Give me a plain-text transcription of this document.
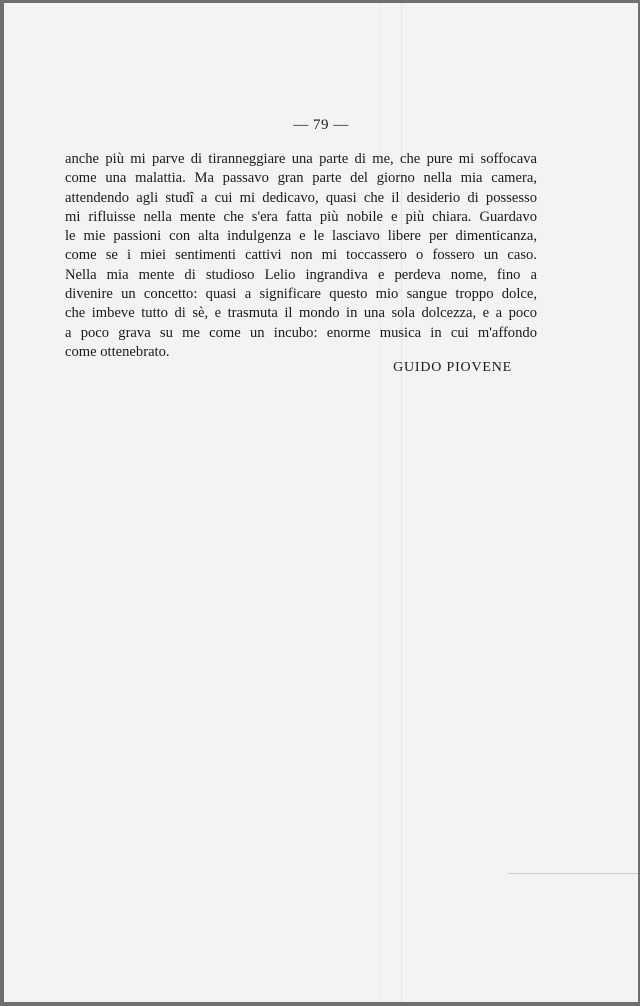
— 79 —
anche più mi parve di tiranneggiare una parte di me, che pure mi soffocava
come una malattia. Ma passavo gran parte del giorno nella mia camera,
attendendo agli studî a cui mi dedicavo, quasi che il desiderio di possesso
mi rifluisse nella mente che s'era fatta più nobile e più chiara. Guardavo
le mie passioni con alta indulgenza e le lasciavo libere per dimenticanza,
come se i miei sentimenti cattivi non mi toccassero o fossero un caso.
Nella mia mente di studioso Lelio ingrandiva e perdeva nome, fino a
divenire un concetto: quasi a significare questo mio sangue troppo dolce,
che imbeve tutto di sè, e trasmuta il mondo in una sola dolcezza, e a poco
a poco grava su me come un incubo: enorme musica in cui m'affondo
come ottenebrato.
GUIDO PIOVENE
